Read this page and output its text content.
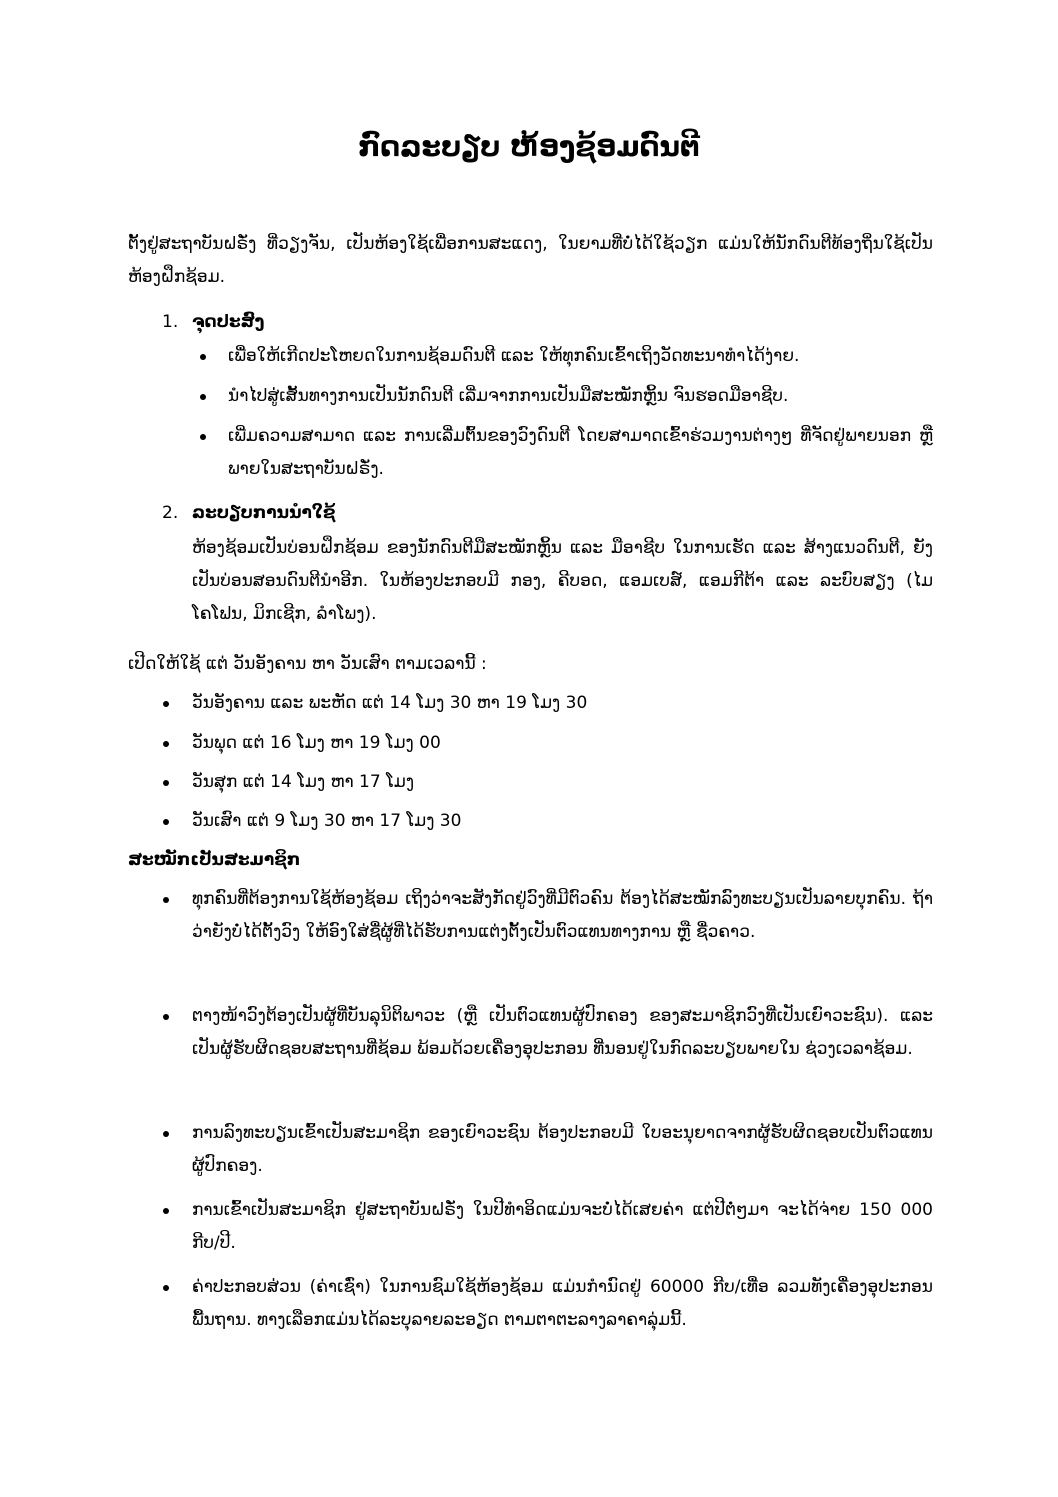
ກົດລະບຽບ ຫ້ອງຊ້ອມດົນຕີ
ຕັ້ງຢູ່ສະຖາບັນຝຣັ່ງ ທີ່ວຽງຈັນ, ເປັນຫ້ອງໃຊ້ເພື່ອການສະແດງ, ໃນຍາມທີ່ບໍ່ໄດ້ໃຊ້ວຽກ ແມ່ນໃຫ້ນັກດົນຕີທ້ອງຖິ່ນໃຊ້ເປັນຫ້ອງຝຶກຊ້ອມ.
1. ຈຸດປະສົງ
ເພື່ອໃຫ້ເກີດປະໂຫຍດໃນການຊ້ອມດົນຕີ ແລະ ໃຫ້ທຸກຄົນເຂົ້າເຖິງວັດທະນາທຳໄດ້ງ່າຍ.
ນຳໄປສູ່ເສັ້ນທາງການເປັນນັກດົນຕີ ເລີ່ມຈາກການເປັນມືສະໝັກຫຼິ້ນ ຈົນຮອດມືອາຊີບ.
ເພີ່ມຄວາມສາມາດ ແລະ ການເລີ່ມຕົ້ນຂອງວົງດົນຕີ ໂດຍສາມາດເຂົ້າຮ່ວມງານຕ່າງໆ ທີ່ຈັດຢູ່ພາຍນອກ ຫຼື ພາຍໃນສະຖາບັນຝຣັ່ງ.
2. ລະບຽບການນຳໃຊ້
ຫ້ອງຊ້ອມເປັນບ່ອນຝຶກຊ້ອມ ຂອງນັກດົນຕີມືສະໝັກຫຼິ້ນ ແລະ ມືອາຊີບ ໃນການເຮັດ ແລະ ສ້າງແນວດົນຕີ, ຍັງເປັນບ່ອນສອນດົນຕີນຳອີກ. ໃນຫ້ອງປະກອບມີ ກອງ, ຄີບອດ, ແອມເບສ໌, ແອມກີຕ້າ ແລະ ລະບົບສຽງ (ໄມໂຄໂຟນ, ມິກເຊີກ, ລຳໂພງ).
ເປີດໃຫ້ໃຊ້ ແຕ່ ວັນອັງຄານ ຫາ ວັນເສົາ ຕາມເວລານີ້ :
ວັນອັງຄານ ແລະ ພະຫັດ ແຕ່ 14 ໂມງ 30 ຫາ 19 ໂມງ 30
ວັນພຸດ ແຕ່ 16 ໂມງ ຫາ 19 ໂມງ 00
ວັນສຸກ ແຕ່ 14 ໂມງ ຫາ 17 ໂມງ
ວັນເສົາ ແຕ່ 9 ໂມງ 30 ຫາ 17 ໂມງ 30
ສະໝັກເປັນສະມາຊິກ
ທຸກຄົນທີ່ຕ້ອງການໃຊ້ຫ້ອງຊ້ອມ ເຖິງວ່າຈະສັງກັດຢູ່ວົງທີ່ມີຕົວຄົນ ຕ້ອງໄດ້ສະໝັກລົງທະບຽນເປັນລາຍບຸກຄົນ. ຖ້າວ່າຍັງບໍ່ໄດ້ຕັ້ງວົງ ໃຫ້ອົງໃສ່ຊື່ຜູ້ທີ່ໄດ້ຮັບການແຕ່ງຕັ້ງເປັນຕົວແທນທາງການ ຫຼື ຊື່ວຄາວ.
ຕາງໜ້າວົງຕ້ອງເປັນຜູ້ທີ່ບັນລຸນິຕິພາວະ (ຫຼື ເປັນຕົວແທນຜູ້ປົກຄອງ ຂອງສະມາຊິກວົງທີ່ເປັນເຍົາວະຊົນ). ແລະ ເປັນຜູ້ຮັບຜິດຊອບສະຖານທີ່ຊ້ອມ ພ້ອມດ້ວຍເຄື່ອງອຸປະກອນ ທີ່ນອນຢູ່ໃນກົດລະບຽບພາຍໃນ ຊ່ວງເວລາຊ້ອມ.
ການລົງທະບຽນເຂົ້າເປັນສະມາຊິກ ຂອງເຍົາວະຊົນ ຕ້ອງປະກອບມີ ໃບອະນຸຍາດຈາກຜູ້ຮັບຜິດຊອບເປັນຕົວແທນຜູ້ປົກຄອງ.
ການເຂົ້າເປັນສະມາຊິກ ຢູ່ສະຖາບັນຝຣັ່ງ ໃນປີທຳອິດແມ່ນຈະບໍ່ໄດ້ເສຍຄ່າ ແຕ່ປີຕໍ່ໆມາ ຈະໄດ້ຈ່າຍ 150 000 ກີບ/ປີ.
ຄ່າປະກອບສ່ວນ (ຄ່າເຊົ່າ) ໃນການຊົມໃຊ້ຫ້ອງຊ້ອມ ແມ່ນກຳນົດຢູ່ 60000 ກີບ/ເທື່ອ ລວມທັງເຄື່ອງອຸປະກອນພື້ນຖານ. ທາງເລືອກແມ່ນໄດ້ລະບຸລາຍລະອຽດ ຕາມຕາຕະລາງລາຄາລຸ່ມນີ້.
